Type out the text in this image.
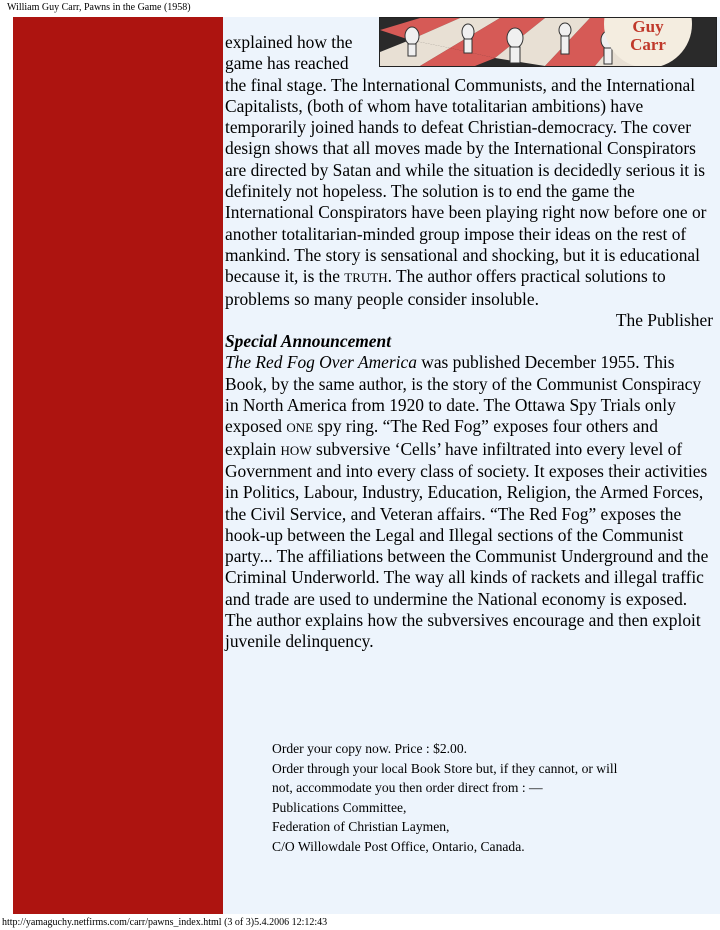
William Guy Carr, Pawns in the Game (1958)
Guy
Carr

explained how the game has reached the final stage. The lnternational Communists, and the International Capitalists, (both of whom have totalitarian ambitions) have temporarily joined hands to defeat Christian-democracy. The cover design shows that all moves made by the International Conspirators are directed by Satan and while the situation is decidedly serious it is definitely not hopeless. The solution is to end the game the International Conspirators have been playing right now before one or another totalitarian-minded group impose their ideas on the rest of mankind. The story is sensational and shocking, but it is educational because it, is the TRUTH. The author offers practical solutions to problems so many people consider insoluble.

The Publisher

Special Announcement

The Red Fog Over America was published December 1955. This Book, by the same author, is the story of the Communist Conspiracy in North America from 1920 to date. The Ottawa Spy Trials only exposed ONE spy ring. “The Red Fog” exposes four others and explain HOW subversive ‘Cells’ have infiltrated into every level of Government and into every class of society. It exposes their activities in Politics, Labour, Industry, Education, Religion, the Armed Forces, the Civil Service, and Veteran affairs. “The Red Fog” exposes the hook-up between the Legal and Illegal sections of the Communist party... The affiliations between the Communist Underground and the Criminal Underworld. The way all kinds of rackets and illegal traffic and trade are used to undermine the National economy is exposed. The author explains how the subversives encourage and then exploit juvenile delinquency.

Order your copy now. Price : $2.00.
Order through your local Book Store but, if they cannot, or will
not, accommodate you then order direct from : —
Publications Committee,
Federation of Christian Laymen,
C/O Willowdale Post Office, Ontario, Canada.
http://yamaguchy.netfirms.com/carr/pawns_index.html (3 of 3)5.4.2006 12:12:43
